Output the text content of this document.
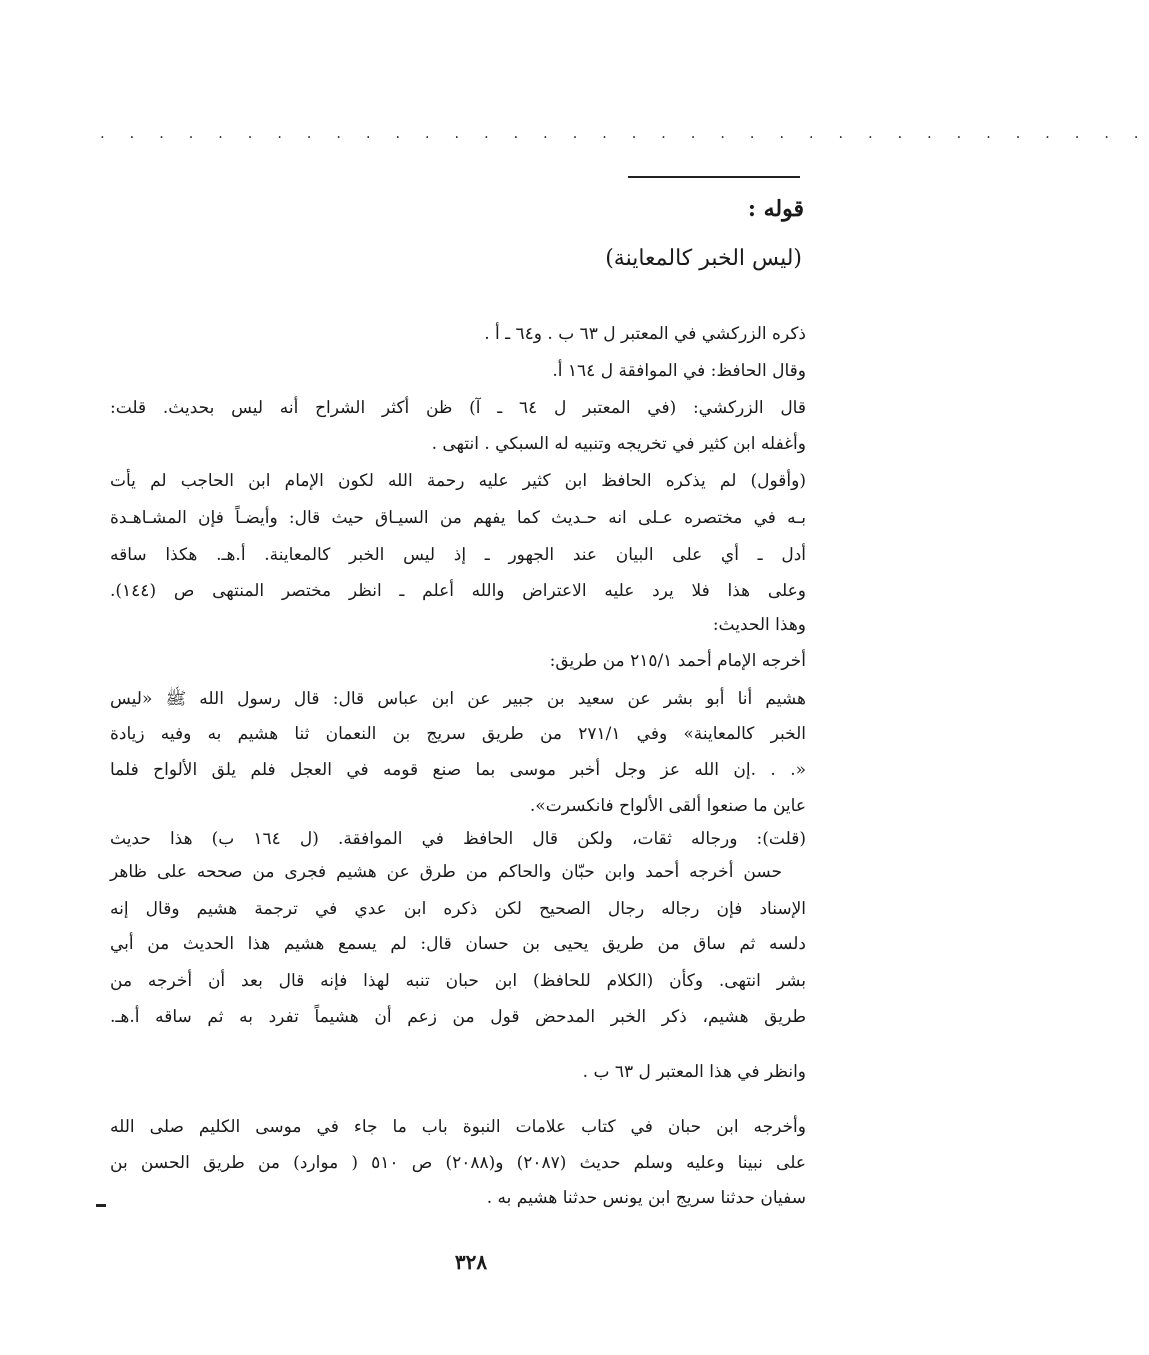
. . . . . . . . . . . . . . . . . . . . . . . . . . . . . . . . . . . .
قوله :
(ليس الخبر كالمعاينة)
ذكره الزركشي في المعتبر ل ٦٣ ب . و٦٤ ـ أ .
وقال الحافظ: في الموافقة ل ١٦٤ أ.
قال الزركشي: (في المعتبر ل ٦٤ ـ آ) ظن أكثر الشراح أنه ليس بحديث. قلت:
وأغفله ابن كثير في تخريجه وتنبيه له السبكي . انتهى .
(وأقول) لم يذكره الحافظ ابن كثير عليه رحمة الله لكون الإمام ابن الحاجب لم يأت
بـه في مختصره عـلى انه حـديث كما يفهم من السيـاق حيث قال: وأيضـاً فإن المشـاهـدة
أدل ـ أي على البيان عند الجهور ـ إذ ليس الخبر كالمعاينة. أ.هـ. هكذا ساقه
وعلى هذا فلا يرد عليه الاعتراض والله أعلم ـ انظر مختصر المنتهى ص (١٤٤).
وهذا الحديث:
أخرجه الإمام أحمد ٢١٥/١ من طريق:
هشيم أنا أبو بشر عن سعيد بن جبير عن ابن عباس قال: قال رسول الله ﷺ «ليس
الخبر كالمعاينة» وفي ٢٧١/١ من طريق سريج بن النعمان ثنا هشيم به وفيه زيادة
«. . .إن الله عز وجل أخبر موسى بما صنع قومه في العجل فلم يلق الألواح فلما
عاين ما صنعوا ألقى الألواح فانكسرت».
(قلت): ورجاله ثقات، ولكن قال الحافظ في الموافقة. (ل ١٦٤ ب) هذا حديث
حسن أخرجه أحمد وابن حبّان والحاكم من طرق عن هشيم فجرى من صححه على ظاهر
الإسناد فإن رجاله رجال الصحيح لكن ذكره ابن عدي في ترجمة هشيم وقال إنه
دلسه ثم ساق من طريق يحيى بن حسان قال: لم يسمع هشيم هذا الحديث من أبي
بشر انتهى. وكأن (الكلام للحافظ) ابن حبان تنبه لهذا فإنه قال بعد أن أخرجه من
طريق هشيم، ذكر الخبر المدحض قول من زعم أن هشيماً تفرد به ثم ساقه أ.هـ.
وانظر في هذا المعتبر ل ٦٣ ب .
وأخرجه ابن حبان في كتاب علامات النبوة باب ما جاء في موسى الكليم صلى الله
على نبينا وعليه وسلم حديث (٢٠٨٧) و(٢٠٨٨) ص ٥١٠ ( موارد) من طريق الحسن بن
سفيان حدثنا سريج ابن يونس حدثنا هشيم به .
٣٢٨
